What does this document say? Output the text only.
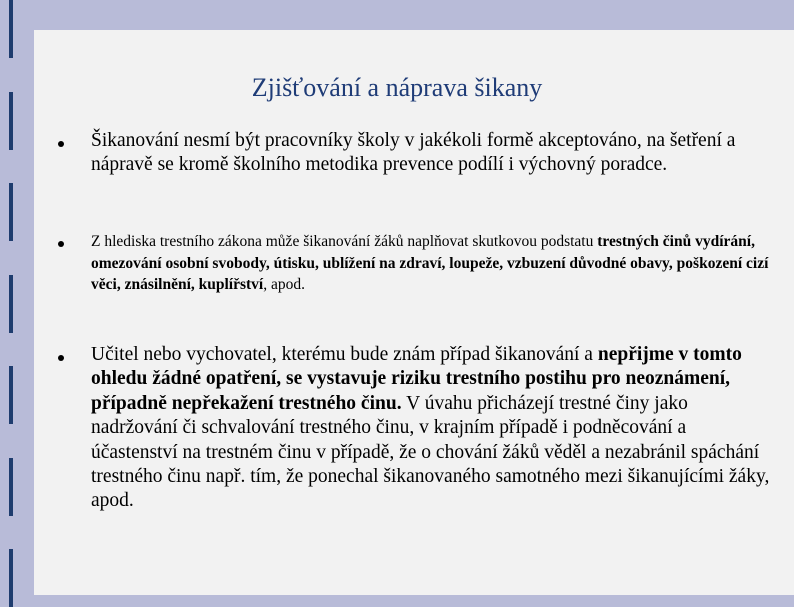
Zjišťování a náprava šikany
Šikanování nesmí být pracovníky školy v jakékoli formě akceptováno, na šetření a nápravě se kromě školního metodika prevence podílí i výchovný poradce.
Z hlediska trestního zákona může šikanování žáků naplňovat skutkovou podstatu trestných činů vydírání, omezování osobní svobody, útisku, ublížení na zdraví, loupeže, vzbuzení důvodné obavy, poškození cizí věci, znásilnění, kuplířství, apod.
Učitel nebo vychovatel, kterému bude znám případ šikanování a nepřijme v tomto ohledu žádné opatření, se vystavuje riziku trestního postihu pro neoznámení, případně nepřekažení trestného činu. V úvahu přicházejí trestné činy jako nadržování či schvalování trestného činu, v krajním případě i podněcování a účastenství na trestném činu v případě, že o chování žáků věděl a nezabránil spáchání trestného činu např. tím, že ponechal šikanovaného samotného mezi šikanujícími žáky, apod.
